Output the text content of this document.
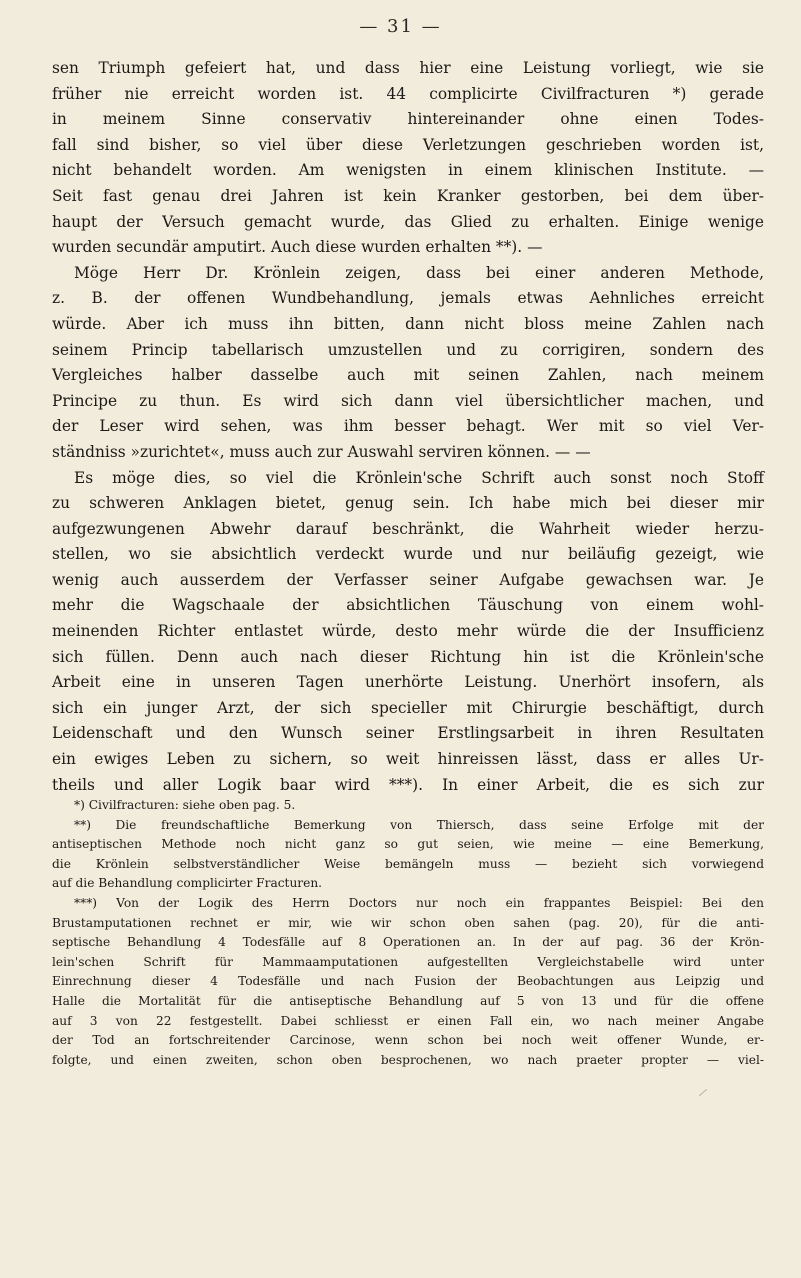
— 31 —
sen Triumph gefeiert hat, und dass hier eine Leistung vorliegt, wie sie
früher nie erreicht worden ist. 44 complicirte Civilfracturen *) gerade
in meinem Sinne conservativ hintereinander ohne einen Todes-
fall sind bisher, so viel über diese Verletzungen geschrieben worden ist,
nicht behandelt worden. Am wenigsten in einem klinischen Institute. —
Seit fast genau drei Jahren ist kein Kranker gestorben, bei dem über-
haupt der Versuch gemacht wurde, das Glied zu erhalten. Einige wenige
wurden secundär amputirt. Auch diese wurden erhalten **). —
Möge Herr Dr. Krönlein zeigen, dass bei einer anderen Methode,
z. B. der offenen Wundbehandlung, jemals etwas Aehnliches erreicht
würde. Aber ich muss ihn bitten, dann nicht bloss meine Zahlen nach
seinem Princip tabellarisch umzustellen und zu corrigiren, sondern des
Vergleiches halber dasselbe auch mit seinen Zahlen, nach meinem
Principe zu thun. Es wird sich dann viel übersichtlicher machen, und
der Leser wird sehen, was ihm besser behagt. Wer mit so viel Ver-
ständniss »zurichtet«, muss auch zur Auswahl serviren können. — —
Es möge dies, so viel die Krönlein'sche Schrift auch sonst noch Stoff
zu schweren Anklagen bietet, genug sein. Ich habe mich bei dieser mir
aufgezwungenen Abwehr darauf beschränkt, die Wahrheit wieder herzu-
stellen, wo sie absichtlich verdeckt wurde und nur beiläufig gezeigt, wie
wenig auch ausserdem der Verfasser seiner Aufgabe gewachsen war. Je
mehr die Wagschaale der absichtlichen Täuschung von einem wohl-
meinenden Richter entlastet würde, desto mehr würde die der Insufficienz
sich füllen. Denn auch nach dieser Richtung hin ist die Krönlein'sche
Arbeit eine in unseren Tagen unerhörte Leistung. Unerhört insofern, als
sich ein junger Arzt, der sich specieller mit Chirurgie beschäftigt, durch
Leidenschaft und den Wunsch seiner Erstlingsarbeit in ihren Resultaten
ein ewiges Leben zu sichern, so weit hinreissen lässt, dass er alles Ur-
theils und aller Logik baar wird ***). In einer Arbeit, die es sich zur
*) Civilfracturen: siehe oben pag. 5.
**) Die freundschaftliche Bemerkung von Thiersch, dass seine Erfolge mit der
antiseptischen Methode noch nicht ganz so gut seien, wie meine — eine Bemerkung,
die Krönlein selbstverständlicher Weise bemängeln muss — bezieht sich vorwiegend
auf die Behandlung complicirter Fracturen.
***) Von der Logik des Herrn Doctors nur noch ein frappantes Beispiel: Bei den
Brustamputationen rechnet er mir, wie wir schon oben sahen (pag. 20), für die anti-
septische Behandlung 4 Todesfälle auf 8 Operationen an. In der auf pag. 36 der Krön-
lein'schen Schrift für Mammaamputationen aufgestellten Vergleichstabelle wird unter
Einrechnung dieser 4 Todesfälle und nach Fusion der Beobachtungen aus Leipzig und
Halle die Mortalität für die antiseptische Behandlung auf 5 von 13 und für die offene
auf 3 von 22 festgestellt. Dabei schliesst er einen Fall ein, wo nach meiner Angabe
der Tod an fortschreitender Carcinose, wenn schon bei noch weit offener Wunde, er-
folgte, und einen zweiten, schon oben besprochenen, wo nach praeter propter — viel-
